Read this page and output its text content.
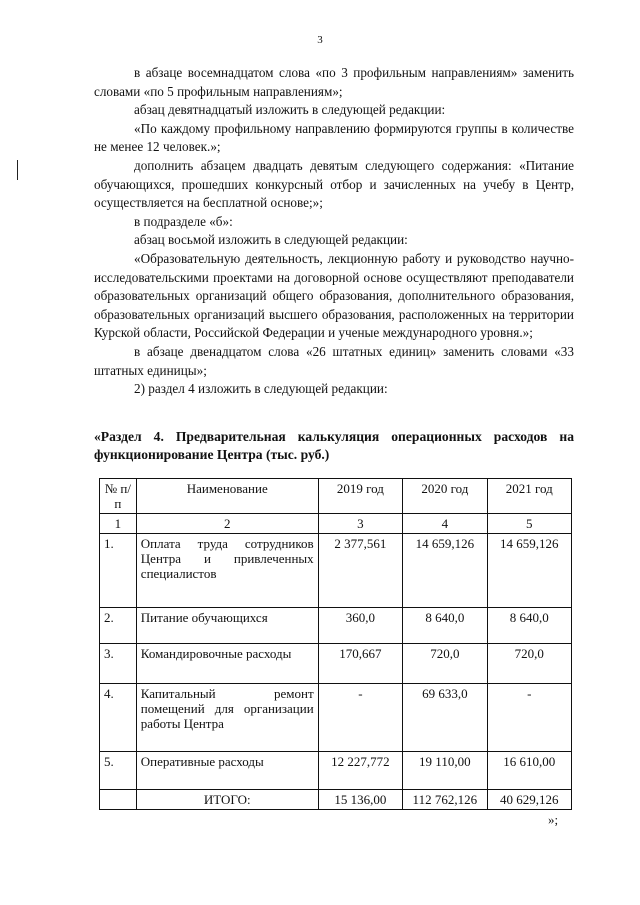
3

в абзаце восемнадцатом слова «по 3 профильным направлениям» заменить словами «по 5 профильным направлениям»;

абзац девятнадцатый изложить в следующей редакции:

«По каждому профильному направлению формируются группы в количестве не менее 12 человек.»;

дополнить абзацем двадцать девятым следующего содержания: «Питание обучающихся, прошедших конкурсный отбор и зачисленных на учебу в Центр, осуществляется на бесплатной основе;»;

в подразделе «б»:

абзац восьмой изложить в следующей редакции:

«Образовательную деятельность, лекционную работу и руководство научно-исследовательскими проектами на договорной основе осуществляют преподаватели образовательных организаций общего образования, дополнительного образования, образовательных организаций высшего образования, расположенных на территории Курской области, Российской Федерации и ученые международного уровня.»;

в абзаце двенадцатом слова «26 штатных единиц» заменить словами «33 штатных единицы»;

2) раздел 4 изложить в следующей редакции:

«Раздел 4. Предварительная калькуляция операционных расходов на функционирование Центра (тыс. руб.)
№ п/п	Наименование	2019 год	2020 год	2021 год
1	2	3	4	5
1.	Оплата труда сотрудников Центра и привлеченных специалистов	2 377,561	14 659,126	14 659,126
2.	Питание обучающихся	360,0	8 640,0	8 640,0
3.	Командировочные расходы	170,667	720,0	720,0
4.	Капитальный ремонт помещений для организации работы Центра	-	69 633,0	-
5.	Оперативные расходы	12 227,772	19 110,00	16 610,00
	ИТОГО:	15 136,00	112 762,126	40 629,126
»;
